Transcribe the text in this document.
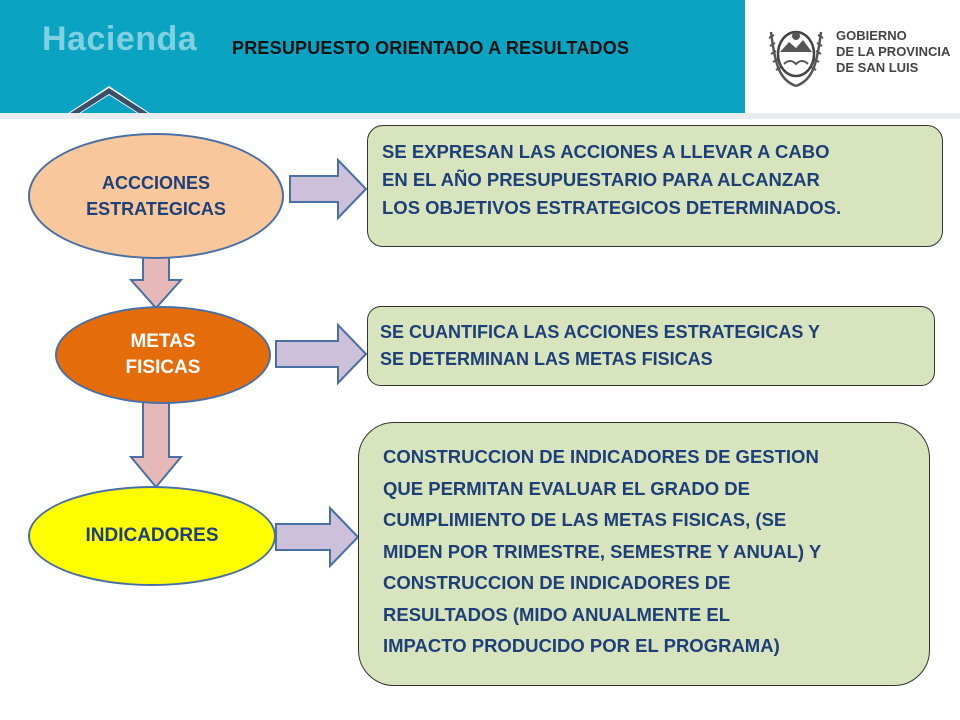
Hacienda PRESUPUESTO ORIENTADO A RESULTADOS
GOBIERNO
DE LA PROVINCIA
DE SAN LUIS
ACCCIONES
ESTRATEGICAS
METAS
FISICAS
INDICADORES
SE EXPRESAN LAS ACCIONES A LLEVAR A CABO
EN EL AÑO PRESUPUESTARIO PARA ALCANZAR
LOS OBJETIVOS ESTRATEGICOS DETERMINADOS.
SE CUANTIFICA LAS ACCIONES ESTRATEGICAS Y
SE DETERMINAN LAS METAS FISICAS
CONSTRUCCION DE INDICADORES DE GESTION
QUE PERMITAN EVALUAR EL GRADO DE
CUMPLIMIENTO DE LAS METAS FISICAS, (SE
MIDEN POR TRIMESTRE, SEMESTRE Y ANUAL) Y
CONSTRUCCION DE INDICADORES DE
RESULTADOS (MIDO ANUALMENTE EL
IMPACTO PRODUCIDO POR EL PROGRAMA)
